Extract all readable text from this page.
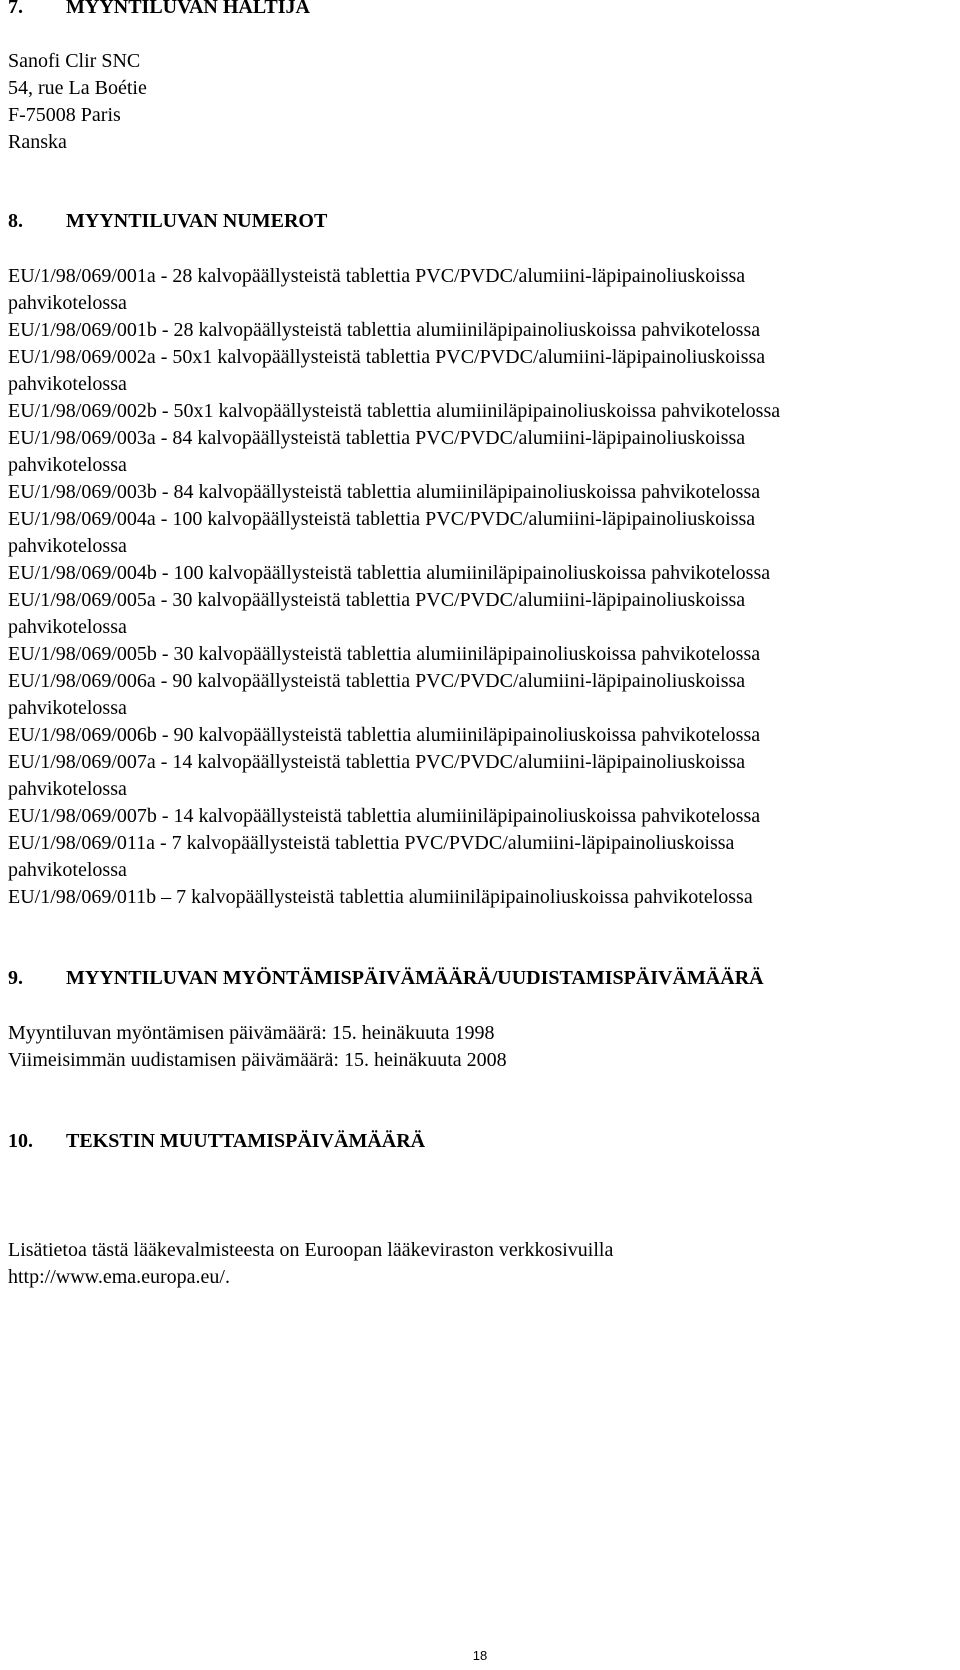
7.	MYYNTILUVAN HALTIJA
Sanofi Clir SNC
54, rue La Boétie
F-75008 Paris
Ranska
8.	MYYNTILUVAN NUMEROT
EU/1/98/069/001a - 28 kalvopäällysteistä tablettia PVC/PVDC/alumiini-läpipainoliuskoissa
pahvikotelossa
EU/1/98/069/001b - 28 kalvopäällysteistä tablettia alumiiniläpipainoliuskoissa pahvikotelossa
EU/1/98/069/002a - 50x1 kalvopäällysteistä tablettia PVC/PVDC/alumiini-läpipainoliuskoissa
pahvikotelossa
EU/1/98/069/002b - 50x1 kalvopäällysteistä tablettia alumiiniläpipainoliuskoissa pahvikotelossa
EU/1/98/069/003a - 84 kalvopäällysteistä tablettia PVC/PVDC/alumiini-läpipainoliuskoissa
pahvikotelossa
EU/1/98/069/003b - 84 kalvopäällysteistä tablettia alumiiniläpipainoliuskoissa pahvikotelossa
EU/1/98/069/004a - 100 kalvopäällysteistä tablettia PVC/PVDC/alumiini-läpipainoliuskoissa
pahvikotelossa
EU/1/98/069/004b - 100 kalvopäällysteistä tablettia alumiiniläpipainoliuskoissa pahvikotelossa
EU/1/98/069/005a - 30 kalvopäällysteistä tablettia PVC/PVDC/alumiini-läpipainoliuskoissa
pahvikotelossa
EU/1/98/069/005b - 30 kalvopäällysteistä tablettia alumiiniläpipainoliuskoissa pahvikotelossa
EU/1/98/069/006a - 90 kalvopäällysteistä tablettia PVC/PVDC/alumiini-läpipainoliuskoissa
pahvikotelossa
EU/1/98/069/006b - 90 kalvopäällysteistä tablettia alumiiniläpipainoliuskoissa pahvikotelossa
EU/1/98/069/007a - 14 kalvopäällysteistä tablettia PVC/PVDC/alumiini-läpipainoliuskoissa
pahvikotelossa
EU/1/98/069/007b - 14 kalvopäällysteistä tablettia alumiiniläpipainoliuskoissa pahvikotelossa
EU/1/98/069/011a - 7 kalvopäällysteistä tablettia PVC/PVDC/alumiini-läpipainoliuskoissa
pahvikotelossa
EU/1/98/069/011b – 7 kalvopäällysteistä tablettia alumiiniläpipainoliuskoissa pahvikotelossa
9.	MYYNTILUVAN MYÖNTÄMISPÄIVÄMÄÄRÄ/UUDISTAMISPÄIVÄMÄÄRÄ
Myyntiluvan myöntämisen päivämäärä: 15. heinäkuuta 1998
Viimeisimmän uudistamisen päivämäärä: 15. heinäkuuta 2008
10.	TEKSTIN MUUTTAMISPÄIVÄMÄÄRÄ
Lisätietoa tästä lääkevalmisteesta on Euroopan lääkeviraston verkkosivuilla
http://www.ema.europa.eu/.
18
